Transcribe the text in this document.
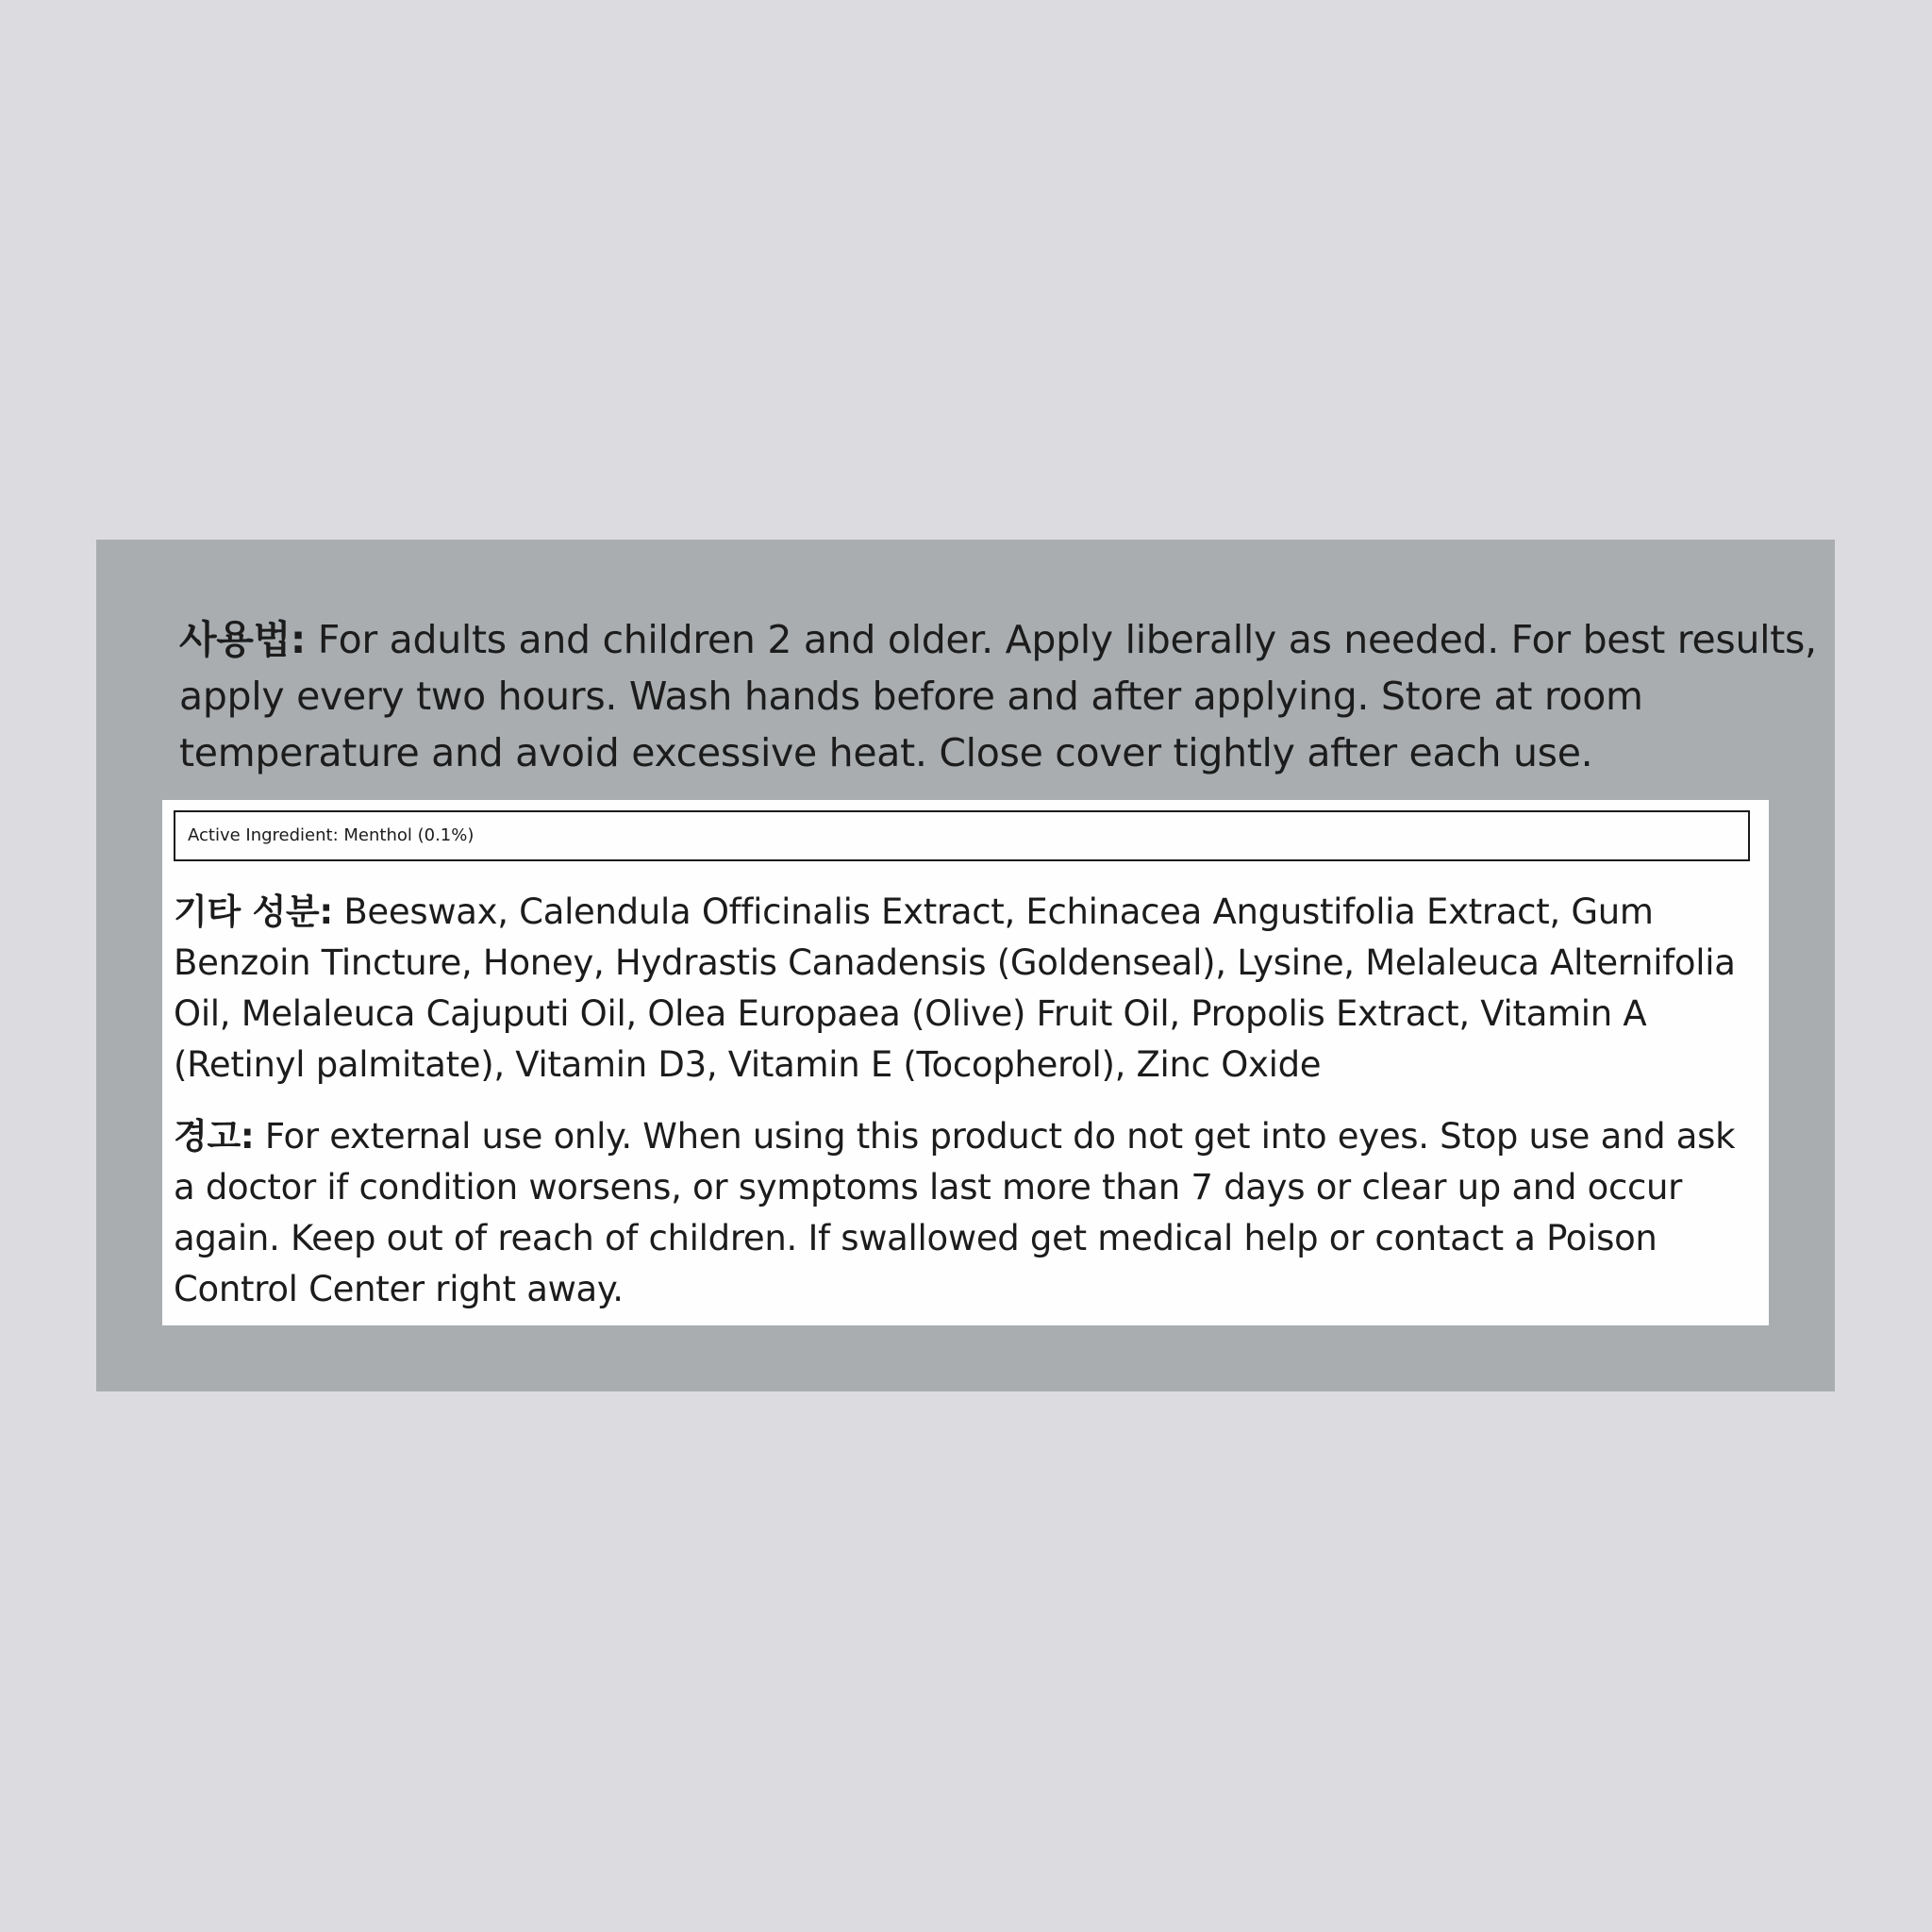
사용법: For adults and children 2 and older. Apply liberally as needed. For best results, apply every two hours. Wash hands before and after applying. Store at room temperature and avoid excessive heat. Close cover tightly after each use.

Active Ingredient: Menthol (0.1%)

기타 성분: Beeswax, Calendula Officinalis Extract, Echinacea Angustifolia Extract, Gum Benzoin Tincture, Honey, Hydrastis Canadensis (Goldenseal), Lysine, Melaleuca Alternifolia Oil, Melaleuca Cajuputi Oil, Olea Europaea (Olive) Fruit Oil, Propolis Extract, Vitamin A (Retinyl palmitate), Vitamin D3, Vitamin E (Tocopherol), Zinc Oxide

경고: For external use only. When using this product do not get into eyes. Stop use and ask a doctor if condition worsens, or symptoms last more than 7 days or clear up and occur again. Keep out of reach of children. If swallowed get medical help or contact a Poison Control Center right away.
